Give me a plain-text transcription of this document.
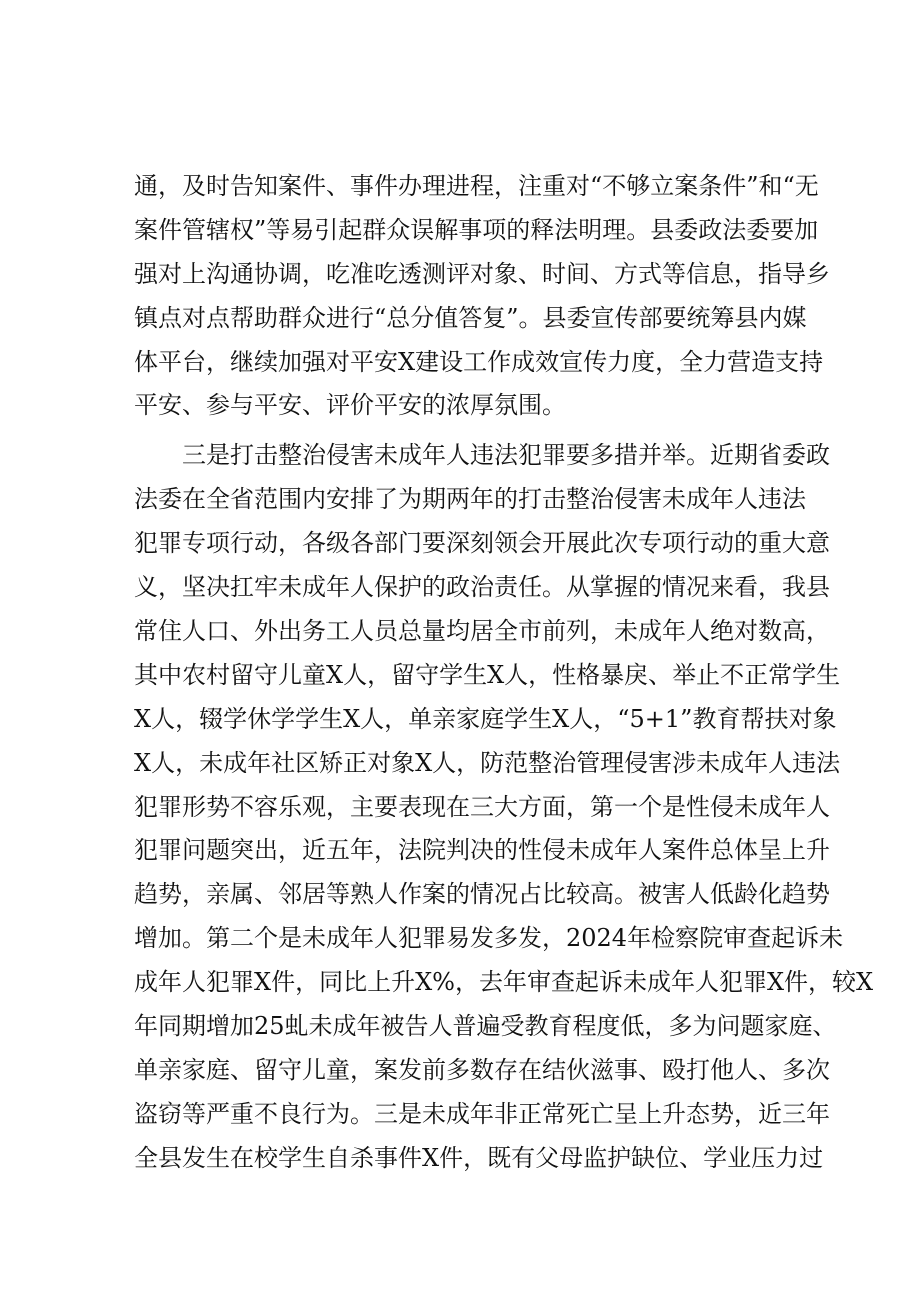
通，及时告知案件、事件办理进程，注重对“不够立案条件”和“无
案件管辖权”等易引起群众误解事项的释法明理。县委政法委要加
强对上沟通协调，吃准吃透测评对象、时间、方式等信息，指导乡
镇点对点帮助群众进行“总分值答复”。县委宣传部要统筹县内媒
体平台，继续加强对平安X建设工作成效宣传力度，全力营造支持
平安、参与平安、评价平安的浓厚氛围。
三是打击整治侵害未成年人违法犯罪要多措并举。近期省委政
法委在全省范围内安排了为期两年的打击整治侵害未成年人违法
犯罪专项行动，各级各部门要深刻领会开展此次专项行动的重大意
义，坚决扛牢未成年人保护的政治责任。从掌握的情况来看，我县
常住人口、外出务工人员总量均居全市前列，未成年人绝对数高，
其中农村留守儿童X人，留守学生X人，性格暴戾、举止不正常学生
X人，辍学休学学生X人，单亲家庭学生X人，“5+1”教育帮扶对象
X人，未成年社区矫正对象X人，防范整治管理侵害涉未成年人违法
犯罪形势不容乐观，主要表现在三大方面，第一个是性侵未成年人
犯罪问题突出，近五年，法院判决的性侵未成年人案件总体呈上升
趋势，亲属、邻居等熟人作案的情况占比较高。被害人低龄化趋势
增加。第二个是未成年人犯罪易发多发，2024年检察院审查起诉未
成年人犯罪X件，同比上升X%，去年审查起诉未成年人犯罪X件，较X
年同期增加25虬未成年被告人普遍受教育程度低，多为问题家庭、
单亲家庭、留守儿童，案发前多数存在结伙滋事、殴打他人、多次
盗窃等严重不良行为。三是未成年非正常死亡呈上升态势，近三年
全县发生在校学生自杀事件X件，既有父母监护缺位、学业压力过
